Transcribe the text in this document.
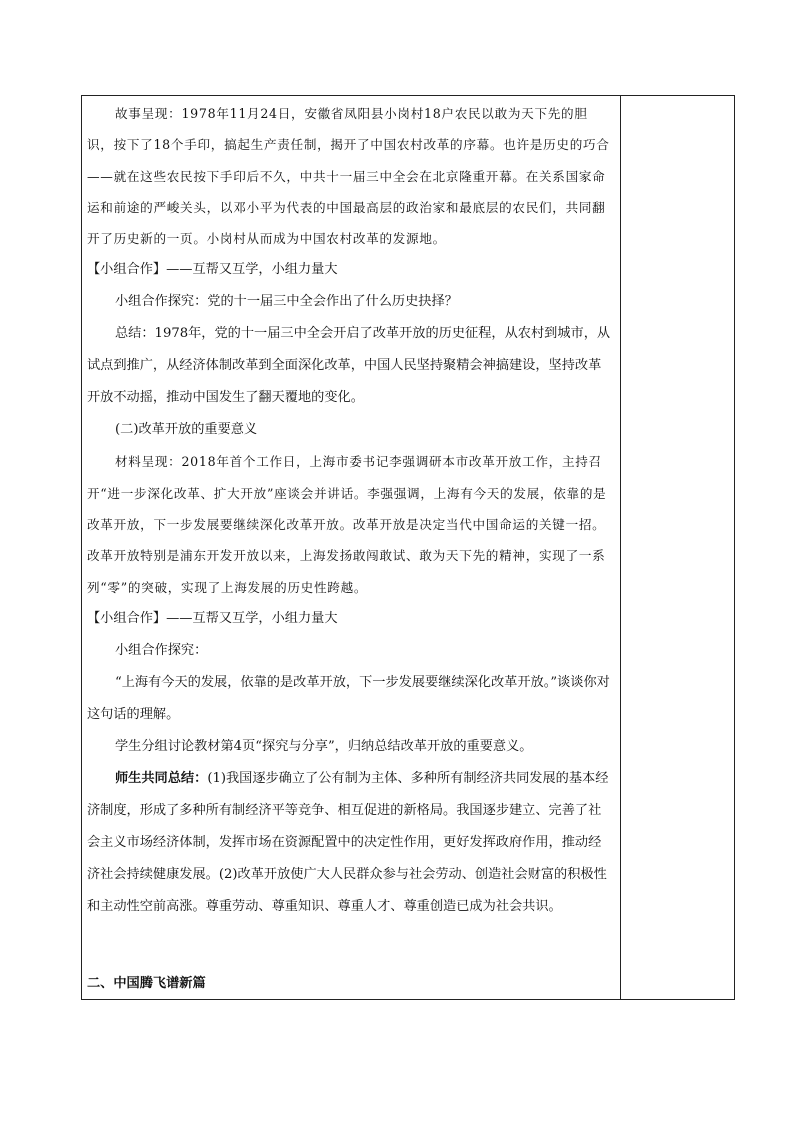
故事呈现：1978年11月24日，安徽省凤阳县小岗村18户农民以敢为天下先的胆识，按下了18个手印，搞起生产责任制，揭开了中国农村改革的序幕。也许是历史的巧合——就在这些农民按下手印后不久，中共十一届三中全会在北京隆重开幕。在关系国家命运和前途的严峻关头，以邓小平为代表的中国最高层的政治家和最底层的农民们，共同翻开了历史新的一页。小岗村从而成为中国农村改革的发源地。

【小组合作】——互帮又互学，小组力量大

小组合作探究：党的十一届三中全会作出了什么历史抉择？

总结：1978年，党的十一届三中全会开启了改革开放的历史征程，从农村到城市，从试点到推广，从经济体制改革到全面深化改革，中国人民坚持聚精会神搞建设，坚持改革开放不动摇，推动中国发生了翻天覆地的变化。

(二)改革开放的重要意义

材料呈现：2018年首个工作日，上海市委书记李强调研本市改革开放工作，主持召开“进一步深化改革、扩大开放”座谈会并讲话。李强强调，上海有今天的发展，依靠的是改革开放，下一步发展要继续深化改革开放。改革开放是决定当代中国命运的关键一招。改革开放特别是浦东开发开放以来，上海发扬敢闯敢试、敢为天下先的精神，实现了一系列“零”的突破，实现了上海发展的历史性跨越。

【小组合作】——互帮又互学，小组力量大

小组合作探究：

“上海有今天的发展，依靠的是改革开放，下一步发展要继续深化改革开放。”谈谈你对这句话的理解。

学生分组讨论教材第4页“探究与分享”，归纳总结改革开放的重要意义。

师生共同总结：(1)我国逐步确立了公有制为主体、多种所有制经济共同发展的基本经济制度，形成了多种所有制经济平等竞争、相互促进的新格局。我国逐步建立、完善了社会主义市场经济体制，发挥市场在资源配置中的决定性作用，更好发挥政府作用，推动经济社会持续健康发展。(2)改革开放使广大人民群众参与社会劳动、创造社会财富的积极性和主动性空前高涨。尊重劳动、尊重知识、尊重人才、尊重创造已成为社会共识。

二、中国腾飞谱新篇
